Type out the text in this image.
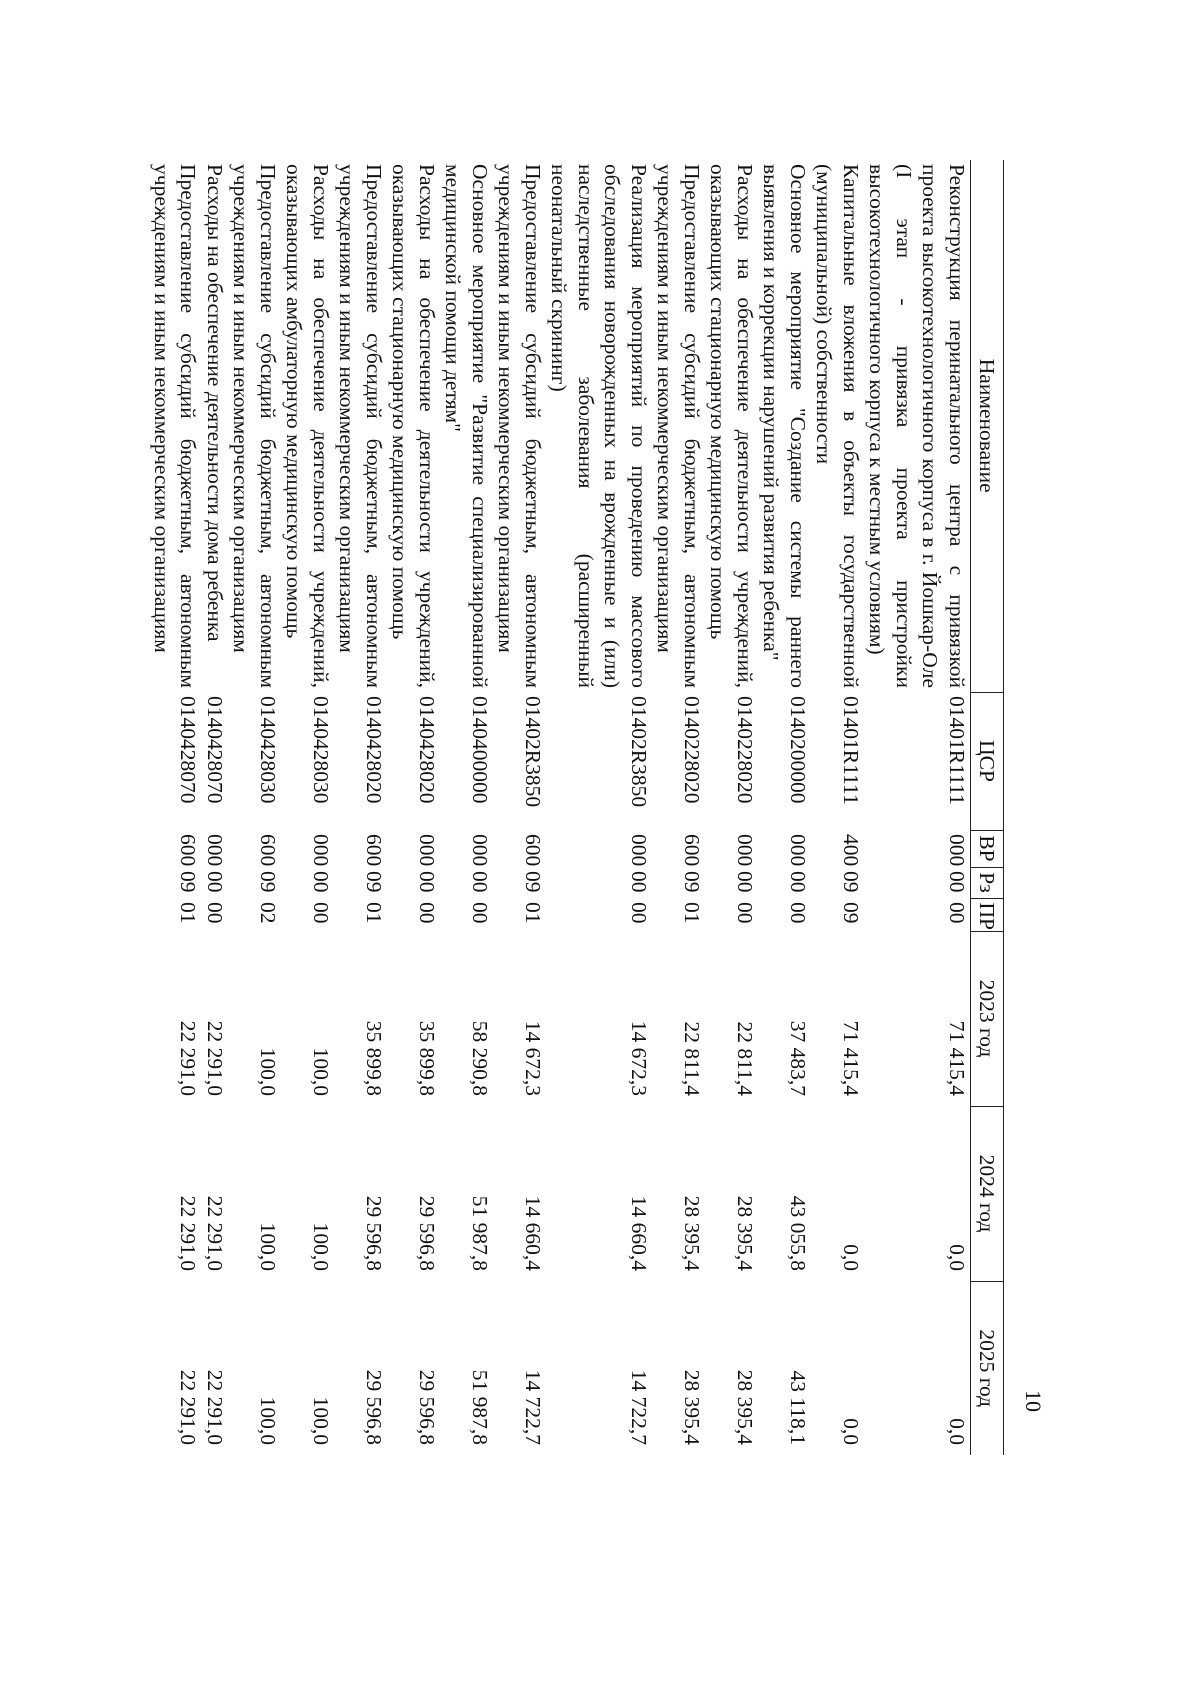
10
Наименование	ЦСР	ВР	Рз	ПР	2023 год	2024 год	2025 год
Реконструкция перинатального центра с привязкой проекта высокотехнологичного корпуса в г. Йошкар-Оле (I этап - привязка проекта пристройки высокотехнологичного корпуса к местным условиям)	01401R1111	000	00	00	71 415,4	0,0	0,0
Капитальные вложения в объекты государственной (муниципальной) собственности	01401R1111	400	09	09	71 415,4	0,0	0,0
Основное мероприятие "Создание системы раннего выявления и коррекции нарушений развития ребенка"	0140200000	000	00	00	37 483,7	43 055,8	43 118,1
Расходы на обеспечение деятельности учреждений, оказывающих стационарную медицинскую помощь	0140228020	000	00	00	22 811,4	28 395,4	28 395,4
Предоставление субсидий бюджетным, автономным учреждениям и иным некоммерческим организациям	0140228020	600	09	01	22 811,4	28 395,4	28 395,4
Реализация мероприятий по проведению массового обследования новорожденных на врожденные и (или) наследственные заболевания (расширенный неонатальный скрининг)	01402R3850	000	00	00	14 672,3	14 660,4	14 722,7
Предоставление субсидий бюджетным, автономным учреждениям и иным некоммерческим организациям	01402R3850	600	09	01	14 672,3	14 660,4	14 722,7
Основное мероприятие "Развитие специализированной медицинской помощи детям"	0140400000	000	00	00	58 290,8	51 987,8	51 987,8
Расходы на обеспечение деятельности учреждений, оказывающих стационарную медицинскую помощь	0140428020	000	00	00	35 899,8	29 596,8	29 596,8
Предоставление субсидий бюджетным, автономным учреждениям и иным некоммерческим организациям	0140428020	600	09	01	35 899,8	29 596,8	29 596,8
Расходы на обеспечение деятельности учреждений, оказывающих амбулаторную медицинскую помощь	0140428030	000	00	00	100,0	100,0	100,0
Предоставление субсидий бюджетным, автономным учреждениям и иным некоммерческим организациям	0140428030	600	09	02	100,0	100,0	100,0
Расходы на обеспечение деятельности дома ребенка	0140428070	000	00	00	22 291,0	22 291,0	22 291,0
Предоставление субсидий бюджетным, автономным учреждениям и иным некоммерческим организациям	0140428070	600	09	01	22 291,0	22 291,0	22 291,0
